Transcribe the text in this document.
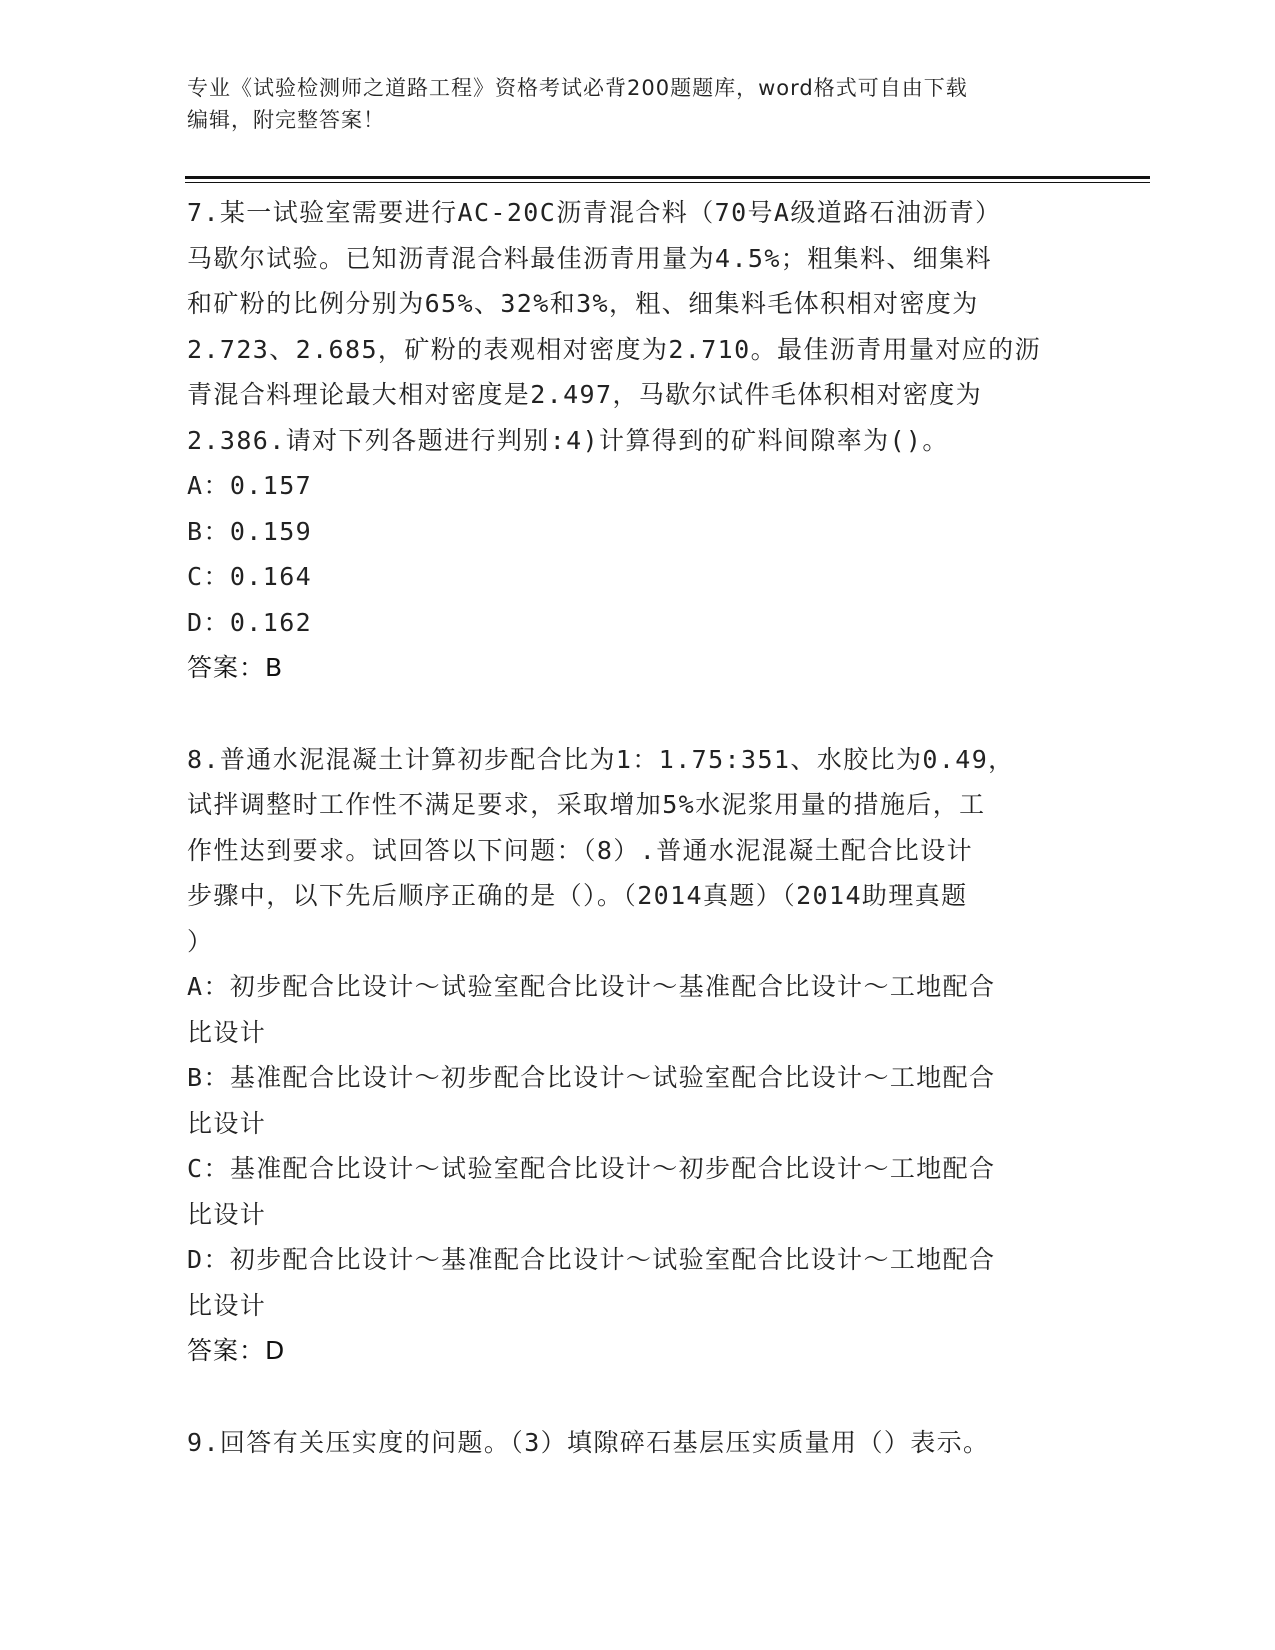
专业《试验检测师之道路工程》资格考试必背200题题库，word格式可自由下载
编辑，附完整答案！
7.某一试验室需要进行AC-20C沥青混合料（70号A级道路石油沥青）
马歇尔试验。已知沥青混合料最佳沥青用量为4.5%；粗集料、细集料
和矿粉的比例分别为65%、32%和3%，粗、细集料毛体积相对密度为
2.723、2.685，矿粉的表观相对密度为2.710。最佳沥青用量对应的沥
青混合料理论最大相对密度是2.497，马歇尔试件毛体积相对密度为
2.386.请对下列各题进行判别:4)计算得到的矿料间隙率为()。
A：0.157
B：0.159
C：0.164
D：0.162
答案：B
8.普通水泥混凝土计算初步配合比为1：1.75:351、水胶比为0.49，
试拌调整时工作性不满足要求，采取增加5%水泥浆用量的措施后，工
作性达到要求。试回答以下问题：（8）.普通水泥混凝土配合比设计
步骤中，以下先后顺序正确的是（）。（2014真题）（2014助理真题
）
A：初步配合比设计～试验室配合比设计～基准配合比设计～工地配合
比设计
B：基准配合比设计～初步配合比设计～试验室配合比设计～工地配合
比设计
C：基准配合比设计～试验室配合比设计～初步配合比设计～工地配合
比设计
D：初步配合比设计～基准配合比设计～试验室配合比设计～工地配合
比设计
答案：D
9.回答有关压实度的问题。（3）填隙碎石基层压实质量用（）表示。
